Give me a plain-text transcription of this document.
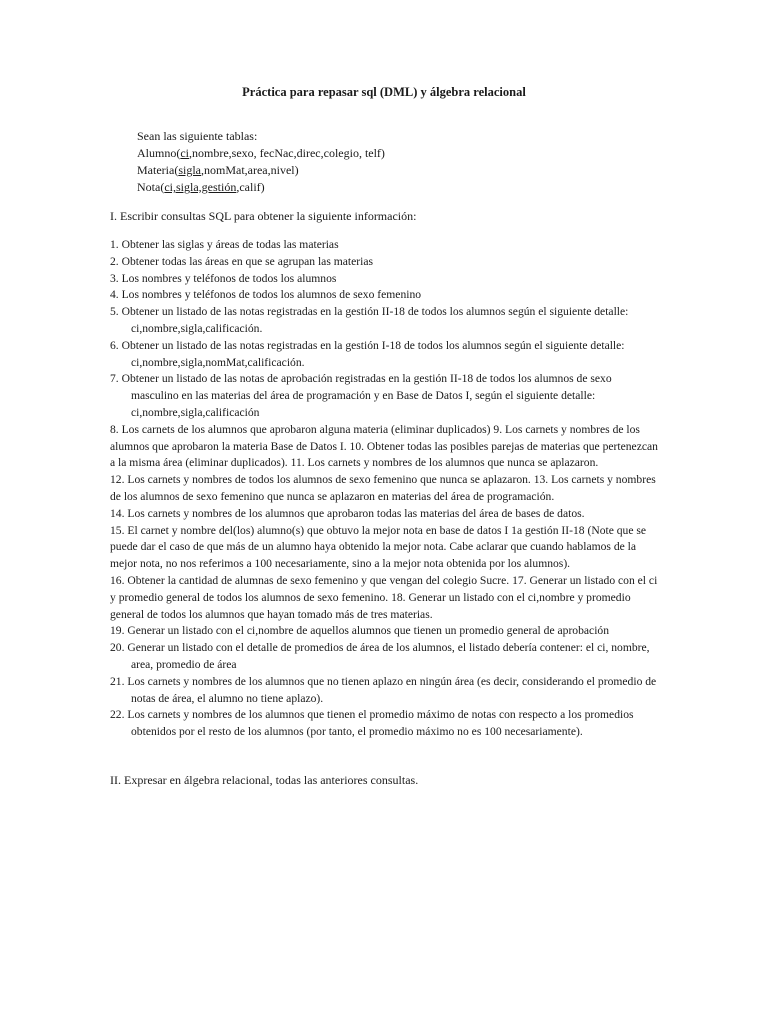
Práctica para repasar sql (DML) y álgebra relacional
Sean las siguiente tablas:
Alumno(ci,nombre,sexo, fecNac,direc,colegio, telf)
Materia(sigla,nomMat,area,nivel)
Nota(ci,sigla,gestión,calif)
I. Escribir consultas SQL para obtener la siguiente información:

1. Obtener las siglas y áreas de todas las materias

2. Obtener todas las áreas en que se agrupan las materias

3. Los nombres y teléfonos de todos los alumnos

4. Los nombres y teléfonos de todos los alumnos de sexo femenino

5. Obtener un listado de las notas registradas en la gestión II-18 de todos los alumnos según el siguiente detalle: ci,nombre,sigla,calificación.

6. Obtener un listado de las notas registradas en la gestión I-18 de todos los alumnos según el siguiente detalle: ci,nombre,sigla,nomMat,calificación.

7. Obtener un listado de las notas de aprobación registradas en la gestión II-18 de todos los alumnos de sexo masculino en las materias del área de programación y en Base de Datos I, según el siguiente detalle: ci,nombre,sigla,calificación

8. Los carnets de los alumnos que aprobaron alguna materia (eliminar duplicados) 9. Los carnets y nombres de los alumnos que aprobaron la materia Base de Datos I. 10. Obtener todas las posibles parejas de materias que pertenezcan a la misma área (eliminar duplicados). 11. Los carnets y nombres de los alumnos que nunca se aplazaron.

12. Los carnets y nombres de todos los alumnos de sexo femenino que nunca se aplazaron. 13. Los carnets y nombres de los alumnos de sexo femenino que nunca se aplazaron en materias del área de programación.

14. Los carnets y nombres de los alumnos que aprobaron todas las materias del área de bases de datos.

15. El carnet y nombre del(los) alumno(s) que obtuvo la mejor nota en base de datos I 1a gestión II-18 (Note que se puede dar el caso de que más de un alumno haya obtenido la mejor nota. Cabe aclarar que cuando hablamos de la mejor nota, no nos referimos a 100 necesariamente, sino a la mejor nota obtenida por los alumnos).

16. Obtener la cantidad de alumnas de sexo femenino y que vengan del colegio Sucre. 17. Generar un listado con el ci y promedio general de todos los alumnos de sexo femenino. 18. Generar un listado con el ci,nombre y promedio general de todos los alumnos que hayan tomado más de tres materias.

19. Generar un listado con el ci,nombre de aquellos alumnos que tienen un promedio general de aprobación

20. Generar un listado con el detalle de promedios de área de los alumnos, el listado debería contener: el ci, nombre, area, promedio de área

21. Los carnets y nombres de los alumnos que no tienen aplazo en ningún área (es decir, considerando el promedio de notas de área, el alumno no tiene aplazo).

22. Los carnets y nombres de los alumnos que tienen el promedio máximo de notas con respecto a los promedios obtenidos por el resto de los alumnos (por tanto, el promedio máximo no es 100 necesariamente).

II. Expresar en álgebra relacional, todas las anteriores consultas.
